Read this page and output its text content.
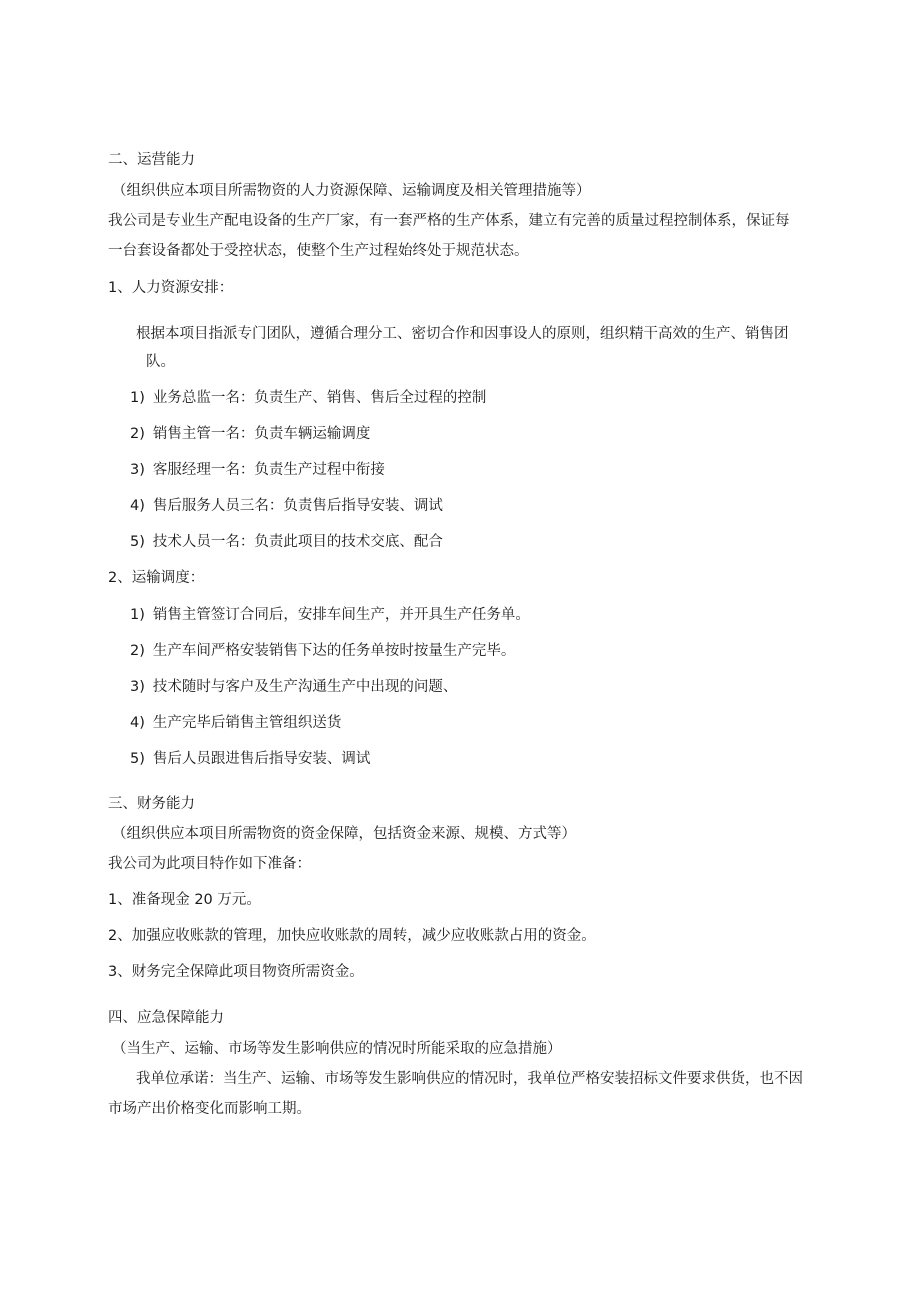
二、运营能力
（组织供应本项目所需物资的人力资源保障、运输调度及相关管理措施等）
我公司是专业生产配电设备的生产厂家，有一套严格的生产体系，建立有完善的质量过程控制体系，保证每
一台套设备都处于受控状态，使整个生产过程始终处于规范状态。
1、人力资源安排：
根据本项目指派专门团队，遵循合理分工、密切合作和因事设人的原则，组织精干高效的生产、销售团
队。
1) 业务总监一名：负责生产、销售、售后全过程的控制
2) 销售主管一名：负责车辆运输调度
3) 客服经理一名：负责生产过程中衔接
4) 售后服务人员三名：负责售后指导安装、调试
5) 技术人员一名：负责此项目的技术交底、配合
2、运输调度：
1) 销售主管签订合同后，安排车间生产，并开具生产任务单。
2) 生产车间严格安装销售下达的任务单按时按量生产完毕。
3) 技术随时与客户及生产沟通生产中出现的问题、
4) 生产完毕后销售主管组织送货
5) 售后人员跟进售后指导安装、调试
三、财务能力
（组织供应本项目所需物资的资金保障，包括资金来源、规模、方式等）
我公司为此项目特作如下准备：
1、准备现金 20 万元。
2、加强应收账款的管理，加快应收账款的周转，减少应收账款占用的资金。
3、财务完全保障此项目物资所需资金。
四、应急保障能力
（当生产、运输、市场等发生影响供应的情况时所能采取的应急措施）
我单位承诺：当生产、运输、市场等发生影响供应的情况时，我单位严格安装招标文件要求供货，也不因
市场产出价格变化而影响工期。
